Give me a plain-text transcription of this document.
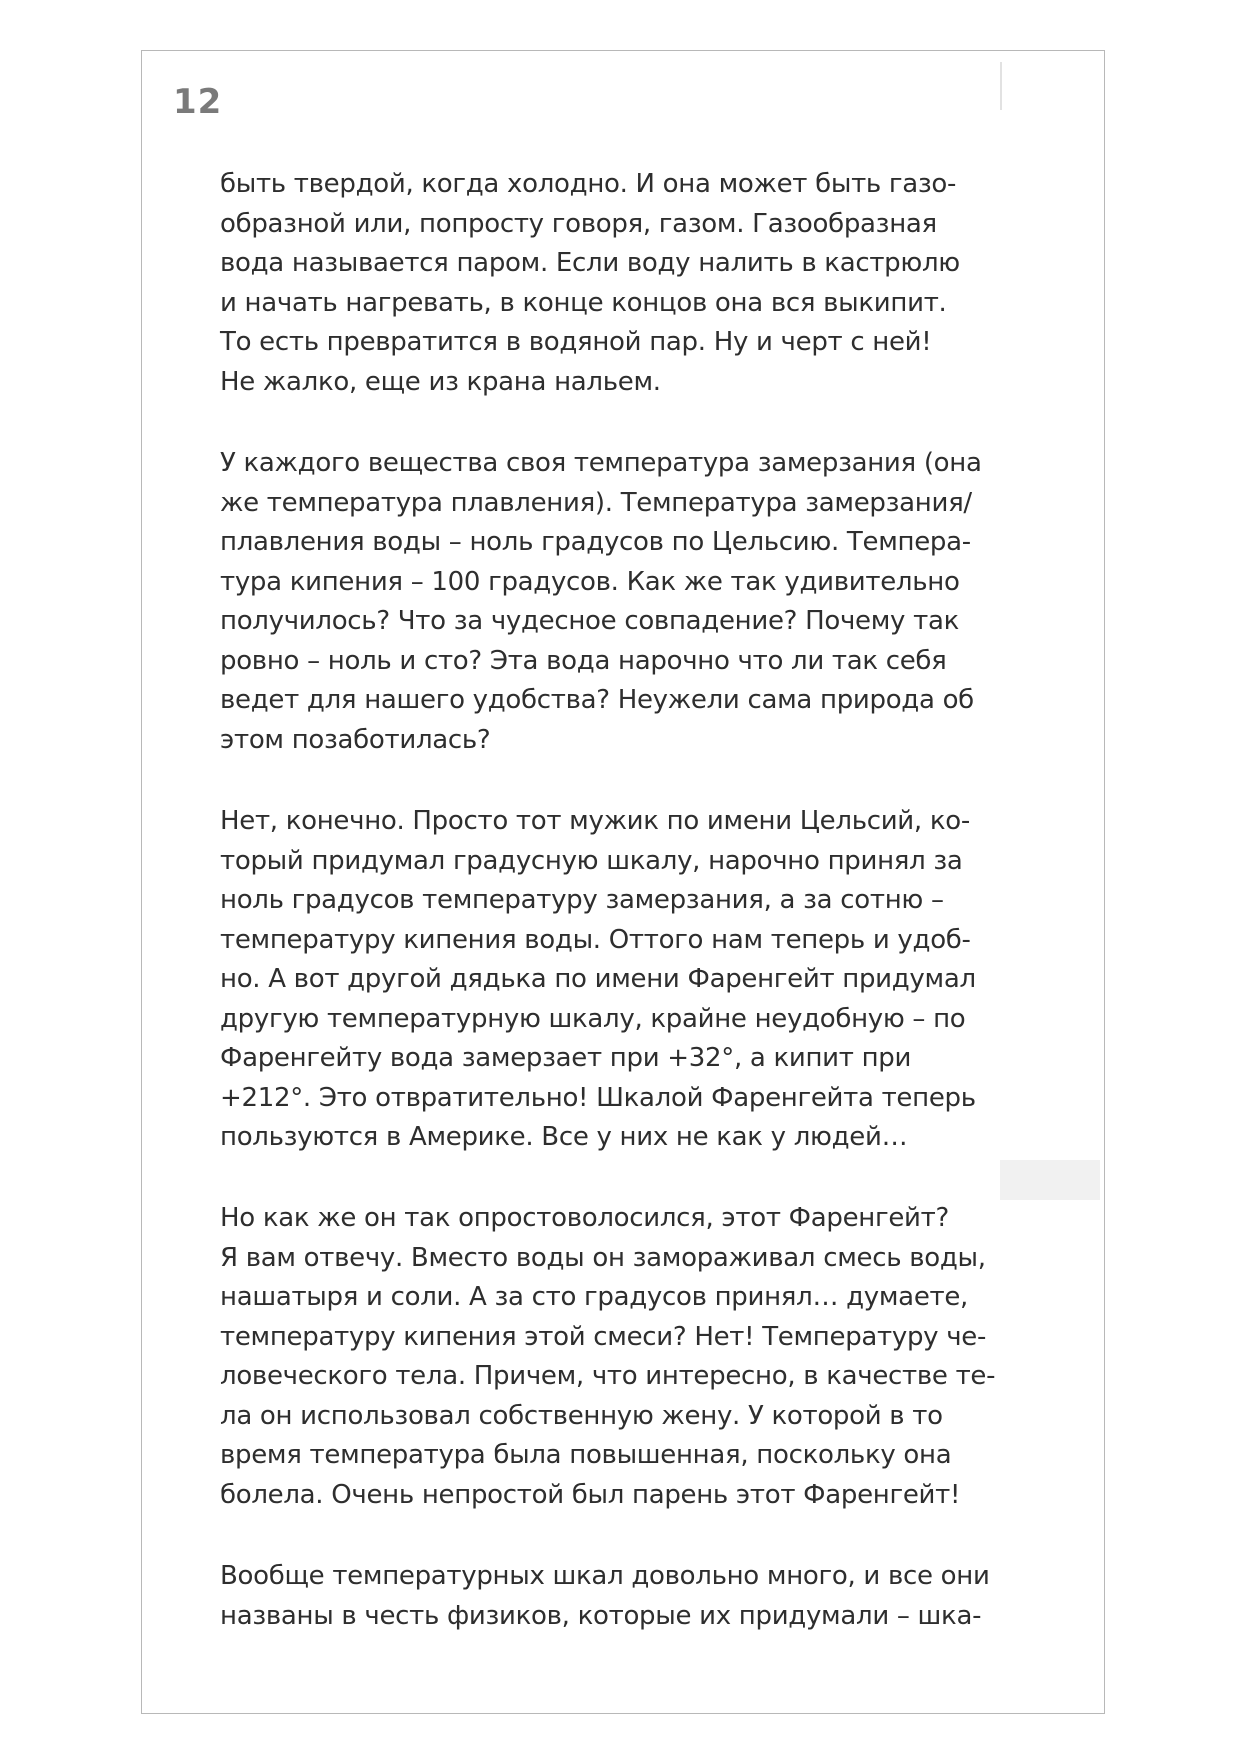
12
быть твердой, когда холодно. И она может быть газо-
образной или, попросту говоря, газом. Газообразная
вода называется паром. Если воду налить в кастрюлю
и начать нагревать, в конце концов она вся выкипит.
То есть превратится в водяной пар. Ну и черт с ней!
Не жалко, еще из крана нальем.
У каждого вещества своя температура замерзания (она
же температура плавления). Температура замерзания/
плавления воды – ноль градусов по Цельсию. Темпера-
тура кипения – 100 градусов. Как же так удивительно
получилось? Что за чудесное совпадение? Почему так
ровно – ноль и сто? Эта вода нарочно что ли так себя
ведет для нашего удобства? Неужели сама природа об
этом позаботилась?
Нет, конечно. Просто тот мужик по имени Цельсий, ко-
торый придумал градусную шкалу, нарочно принял за
ноль градусов температуру замерзания, а за сотню –
температуру кипения воды. Оттого нам теперь и удоб-
но. А вот другой дядька по имени Фаренгейт придумал
другую температурную шкалу, крайне неудобную – по
Фаренгейту вода замерзает при +32°, а кипит при
+212°. Это отвратительно! Шкалой Фаренгейта теперь
пользуются в Америке. Все у них не как у людей…
Но как же он так опростоволосился, этот Фаренгейт?
Я вам отвечу. Вместо воды он замораживал смесь воды,
нашатыря и соли. А за сто градусов принял… думаете,
температуру кипения этой смеси? Нет! Температуру че-
ловеческого тела. Причем, что интересно, в качестве те-
ла он использовал собственную жену. У которой в то
время температура была повышенная, поскольку она
болела. Очень непростой был парень этот Фаренгейт!
Вообще температурных шкал довольно много, и все они
названы в честь физиков, которые их придумали – шка-
